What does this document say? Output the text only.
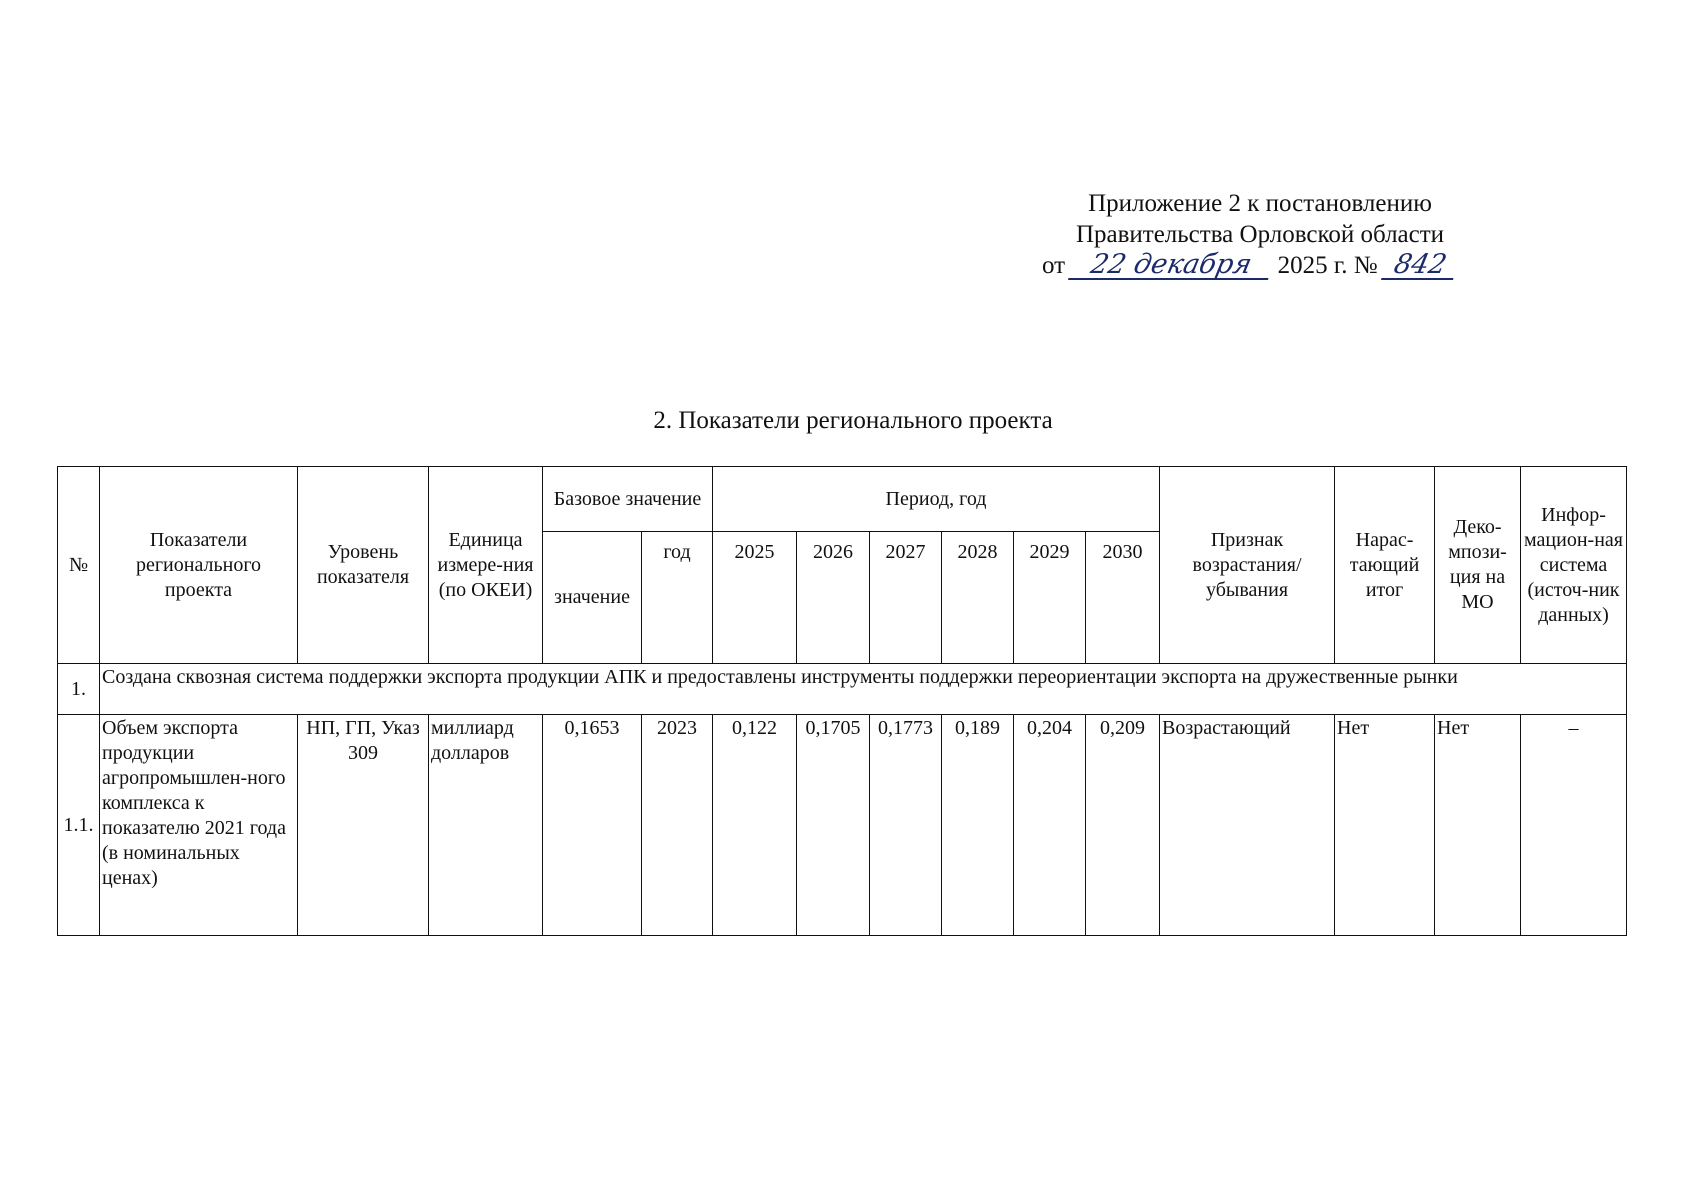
Приложение 2 к постановлению
Правительства Орловской области
от 22 декабря 2025 г. № 842
2. Показатели регионального проекта
№	Показатели регионального проекта	Уровень показателя	Единица измере-ния (по ОКЕИ)	Базовое значение		Период, год						Признак возрастания/ убывания	Нарас-тающий итог	Деко-мпози-ция на МО	Инфор-мацион-ная система (источ-ник данных)
				значение	год	2025	2026	2027	2028	2029	2030				
1.	Создана сквозная система поддержки экспорта продукции АПК и предоставлены инструменты поддержки переориентации экспорта на дружественные рынки														
1.1.	Объем экспорта продукции агропромышлен-ного комплекса к показателю 2021 года (в номинальных ценах)	НП, ГП, Указ 309	миллиард долларов	0,1653	2023	0,122	0,1705	0,1773	0,189	0,204	0,209	Возрастающий	Нет	Нет	–
